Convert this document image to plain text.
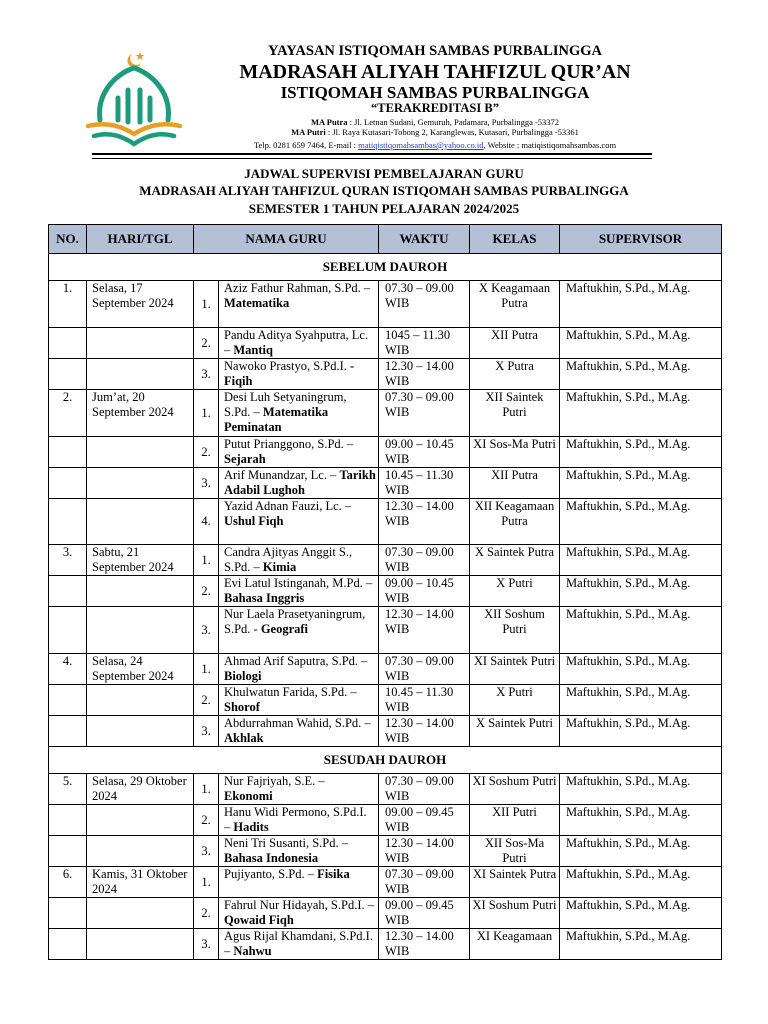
YAYASAN ISTIQOMAH SAMBAS PURBALINGGA
MADRASAH ALIYAH TAHFIZUL QUR’AN
ISTIQOMAH SAMBAS PURBALINGGA
“TERAKREDITASI B”
MA Putra : Jl. Letnan Sudani, Gemuruh, Padamara, Purbalingga -53372
MA Putri : Jl. Raya Kutasari-Tobong 2, Karanglewas, Kutasari, Purbalingga -53361
Telp. 0281 659 7464, E-mail : matiqistiqomahsambas@yahoo.co.id, Website : matiqistiqomahsambas.com
JADWAL SUPERVISI PEMBELAJARAN GURU
MADRASAH ALIYAH TAHFIZUL QURAN ISTIQOMAH SAMBAS PURBALINGGA
SEMESTER 1 TAHUN PELAJARAN 2024/2025
NO.	HARI/TGL	NAMA GURU		WAKTU	KELAS	SUPERVISOR
SEBELUM DAUROH						
1.	Selasa, 17 September 2024	1.	Aziz Fathur Rahman, S.Pd. – Matematika	07.30 – 09.00 WIB	X Keagamaan Putra	Maftukhin, S.Pd., M.Ag.
		2.	Pandu Aditya Syahputra, Lc. – Mantiq	1045 – 11.30 WIB	XII Putra	Maftukhin, S.Pd., M.Ag.
		3.	Nawoko Prastyo, S.Pd.I. - Fiqih	12.30 – 14.00 WIB	X Putra	Maftukhin, S.Pd., M.Ag.
2.	Jum’at, 20 September 2024	1.	Desi Luh Setyaningrum, S.Pd. – Matematika Peminatan	07.30 – 09.00 WIB	XII Saintek Putri	Maftukhin, S.Pd., M.Ag.
		2.	Putut Prianggono, S.Pd. – Sejarah	09.00 – 10.45 WIB	XI Sos-Ma Putri	Maftukhin, S.Pd., M.Ag.
		3.	Arif Munandzar, Lc. – Tarikh Adabil Lughoh	10.45 – 11.30 WIB	XII Putra	Maftukhin, S.Pd., M.Ag.
		4.	Yazid Adnan Fauzi, Lc. – Ushul Fiqh	12.30 – 14.00 WIB	XII Keagamaan Putra	Maftukhin, S.Pd., M.Ag.
3.	Sabtu, 21 September 2024	1.	Candra Ajityas Anggit S., S.Pd. – Kimia	07.30 – 09.00 WIB	X Saintek Putra	Maftukhin, S.Pd., M.Ag.
		2.	Evi Latul Istinganah, M.Pd. – Bahasa Inggris	09.00 – 10.45 WIB	X Putri	Maftukhin, S.Pd., M.Ag.
		3.	Nur Laela Prasetyaningrum, S.Pd. - Geografi	12.30 – 14.00 WIB	XII Soshum Putri	Maftukhin, S.Pd., M.Ag.
4.	Selasa, 24 September 2024	1.	Ahmad Arif Saputra, S.Pd. – Biologi	07.30 – 09.00 WIB	XI Saintek Putri	Maftukhin, S.Pd., M.Ag.
		2.	Khulwatun Farida, S.Pd. – Shorof	10.45 – 11.30 WIB	X Putri	Maftukhin, S.Pd., M.Ag.
		3.	Abdurrahman Wahid, S.Pd. – Akhlak	12.30 – 14.00 WIB	X Saintek Putri	Maftukhin, S.Pd., M.Ag.
SESUDAH DAUROH						
5.	Selasa, 29 Oktober 2024	1.	Nur Fajriyah, S.E. – Ekonomi	07.30 – 09.00 WIB	XI Soshum Putri	Maftukhin, S.Pd., M.Ag.
		2.	Hanu Widi Permono, S.Pd.I. – Hadits	09.00 – 09.45 WIB	XII Putri	Maftukhin, S.Pd., M.Ag.
		3.	Neni Tri Susanti, S.Pd. – Bahasa Indonesia	12.30 – 14.00 WIB	XII Sos-Ma Putri	Maftukhin, S.Pd., M.Ag.
6.	Kamis, 31 Oktober 2024	1.	Pujiyanto, S.Pd. – Fisika	07.30 – 09.00 WIB	XI Saintek Putra	Maftukhin, S.Pd., M.Ag.
		2.	Fahrul Nur Hidayah, S.Pd.I. – Qowaid Fiqh	09.00 – 09.45 WIB	XI Soshum Putri	Maftukhin, S.Pd., M.Ag.
		3.	Agus Rijal Khamdani, S.Pd.I. – Nahwu	12.30 – 14.00 WIB	XI Keagamaan	Maftukhin, S.Pd., M.Ag.
